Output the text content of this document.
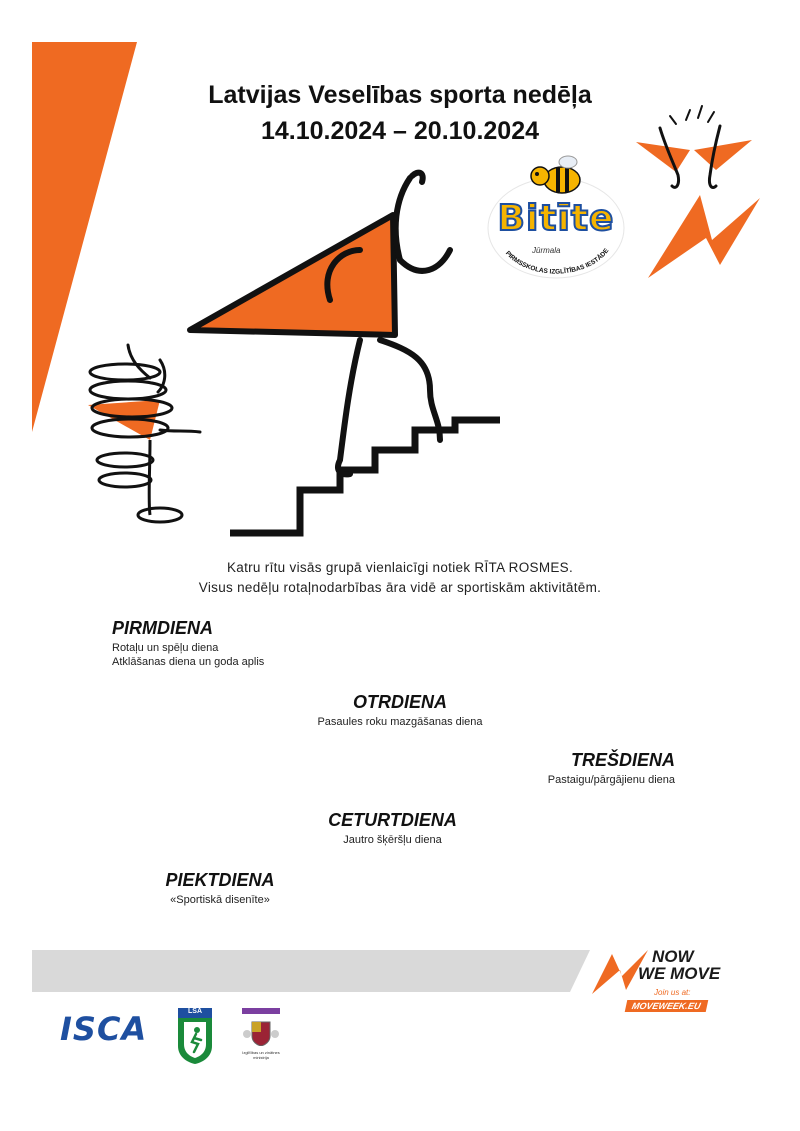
Latvijas Veselības sporta nedēļa
14.10.2024 – 20.10.2024
PIRMSSKOLAS IZGLĪTĪBAS IESTĀDE
Bitīte
Jūrmala
Katru rītu visās grupā vienlaicīgi notiek RĪTA ROSMES.
Visus nedēļu rotaļnodarbības āra vidē ar sportiskām aktivitātēm.
PIRMDIENA
Rotaļu un spēļu diena
Atklāšanas diena un goda aplis
OTRDIENA
Pasaules roku mazgāšanas diena
TREŠDIENA
Pastaigu/pārgājienu diena
CETURTDIENA
Jautro šķēršļu diena
PIEKTDIENA
«Sportiskā disenīte»
NOW
WE MOVE
Join us at:
MOVEWEEK.EU
ISCA	LSA
Izglītības un zinātnes ministrija
